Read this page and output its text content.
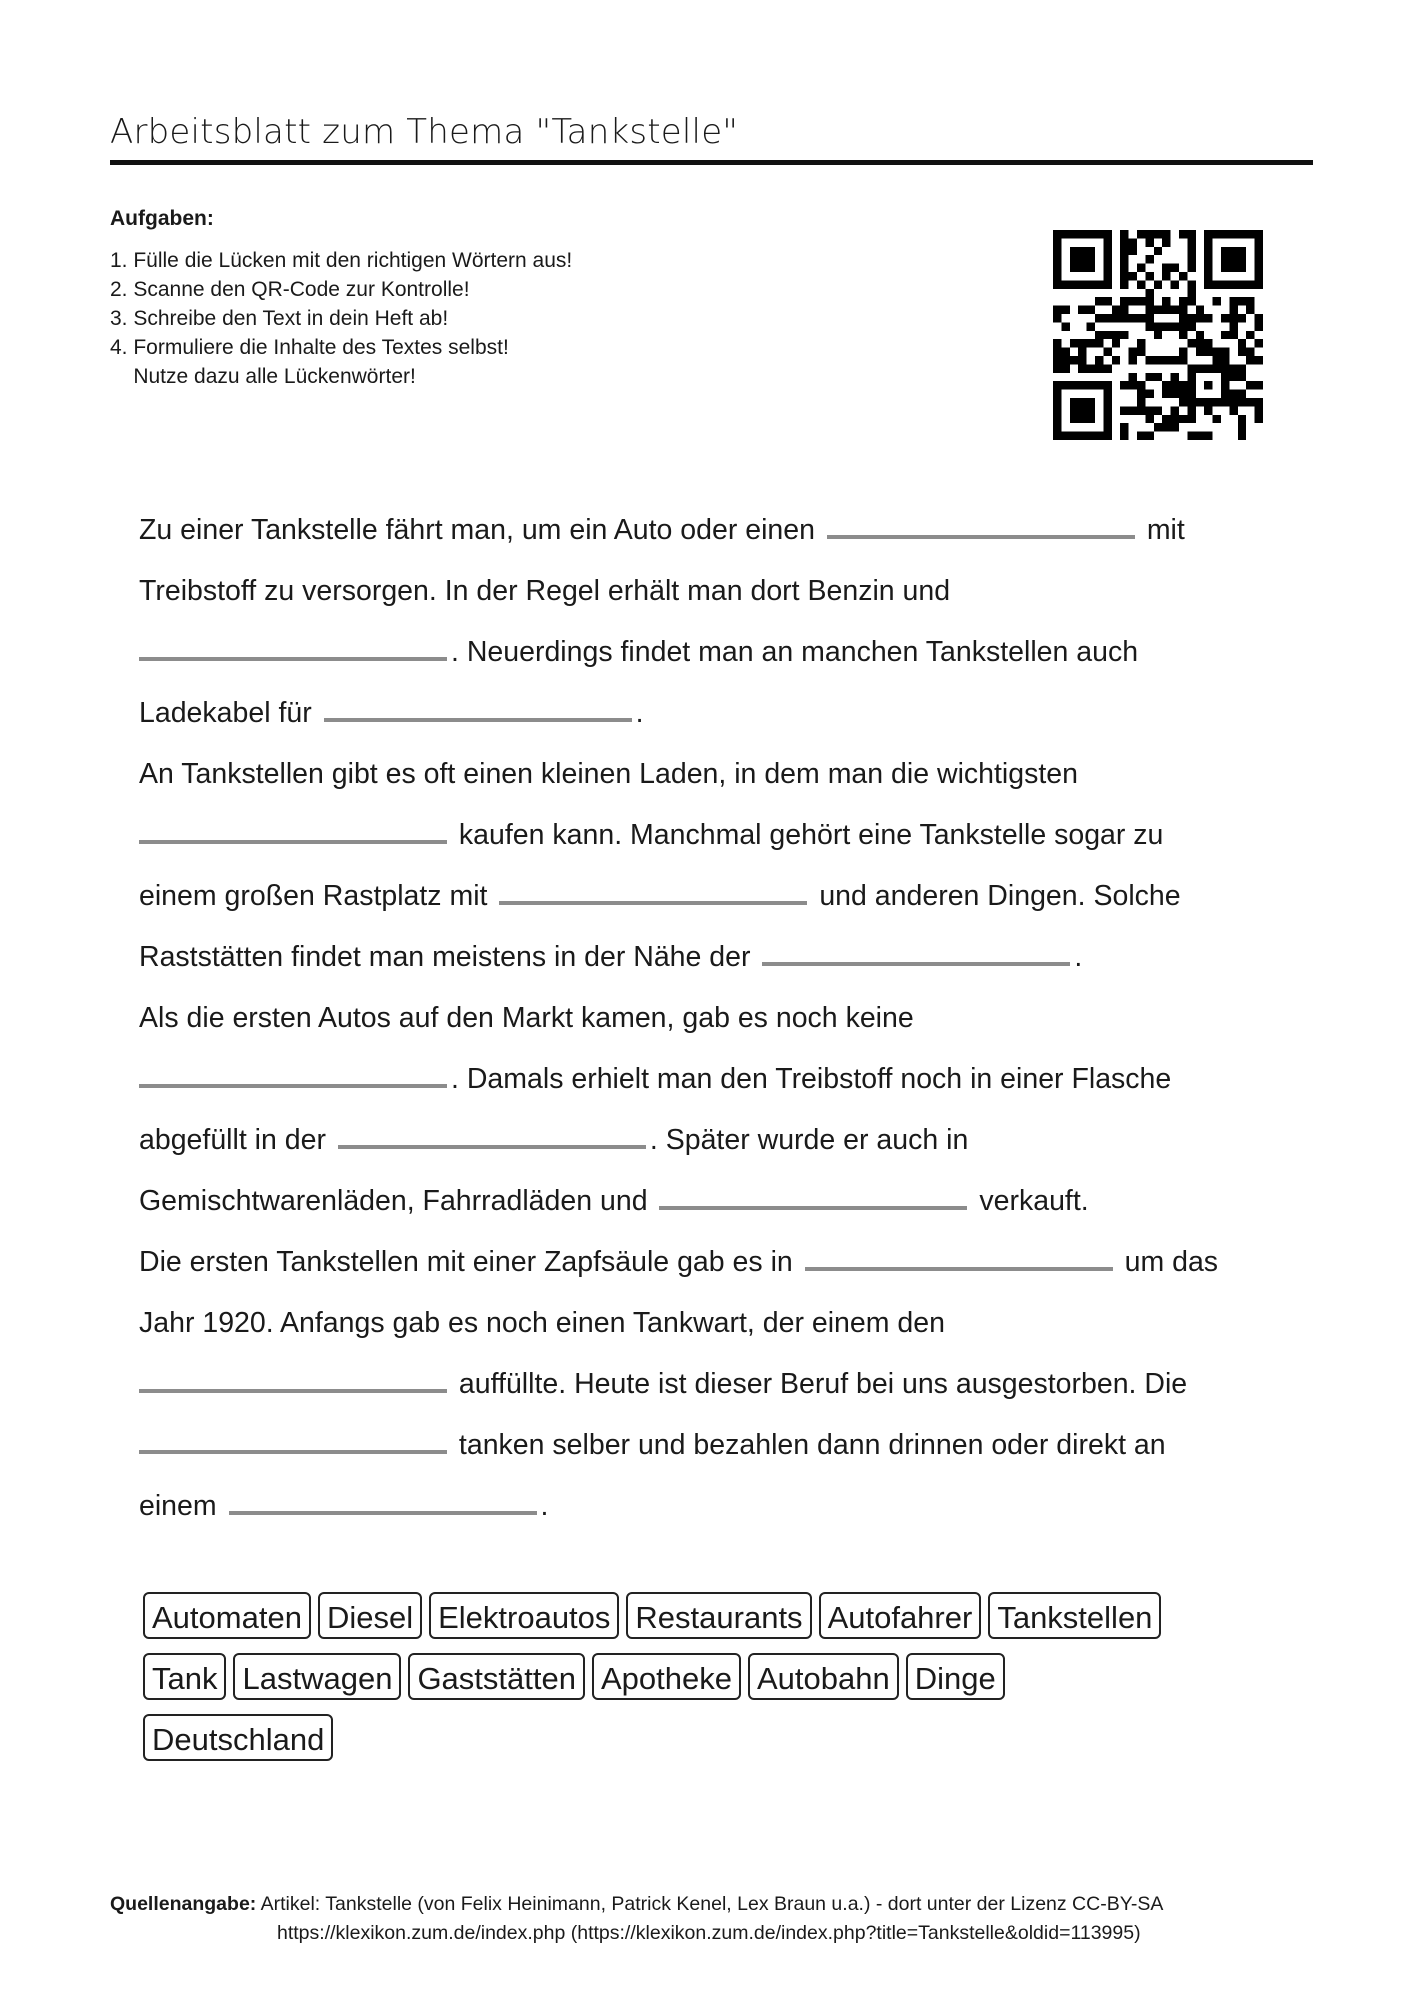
Arbeitsblatt zum Thema "Tankstelle"
Aufgaben:
1. Fülle die Lücken mit den richtigen Wörtern aus!
2. Scanne den QR-Code zur Kontrolle!
3. Schreibe den Text in dein Heft ab!
4. Formuliere die Inhalte des Textes selbst!
Nutze dazu alle Lückenwörter!
Zu einer Tankstelle fährt man, um ein Auto oder einen	mit
Treibstoff zu versorgen. In der Regel erhält man dort Benzin und
. Neuerdings findet man an manchen Tankstellen auch
Ladekabel für	.
An Tankstellen gibt es oft einen kleinen Laden, in dem man die wichtigsten
kaufen kann. Manchmal gehört eine Tankstelle sogar zu
einem großen Rastplatz mit	und anderen Dingen. Solche
Raststätten findet man meistens in der Nähe der	.
Als die ersten Autos auf den Markt kamen, gab es noch keine
. Damals erhielt man den Treibstoff noch in einer Flasche
abgefüllt in der	. Später wurde er auch in
Gemischtwarenläden, Fahrradläden und	verkauft.
Die ersten Tankstellen mit einer Zapfsäule gab es in	um das
Jahr 1920. Anfangs gab es noch einen Tankwart, der einem den
auffüllte. Heute ist dieser Beruf bei uns ausgestorben. Die
tanken selber und bezahlen dann drinnen oder direkt an
einem	.
Automaten Diesel Elektroautos Restaurants Autofahrer Tankstellen
Tank Lastwagen Gaststätten Apotheke Autobahn Dinge
Deutschland
Quellenangabe: Artikel: Tankstelle (von Felix Heinimann, Patrick Kenel, Lex Braun u.a.) - dort unter der Lizenz CC-BY-SA
https://klexikon.zum.de/index.php (https://klexikon.zum.de/index.php?title=Tankstelle&oldid=113995)
